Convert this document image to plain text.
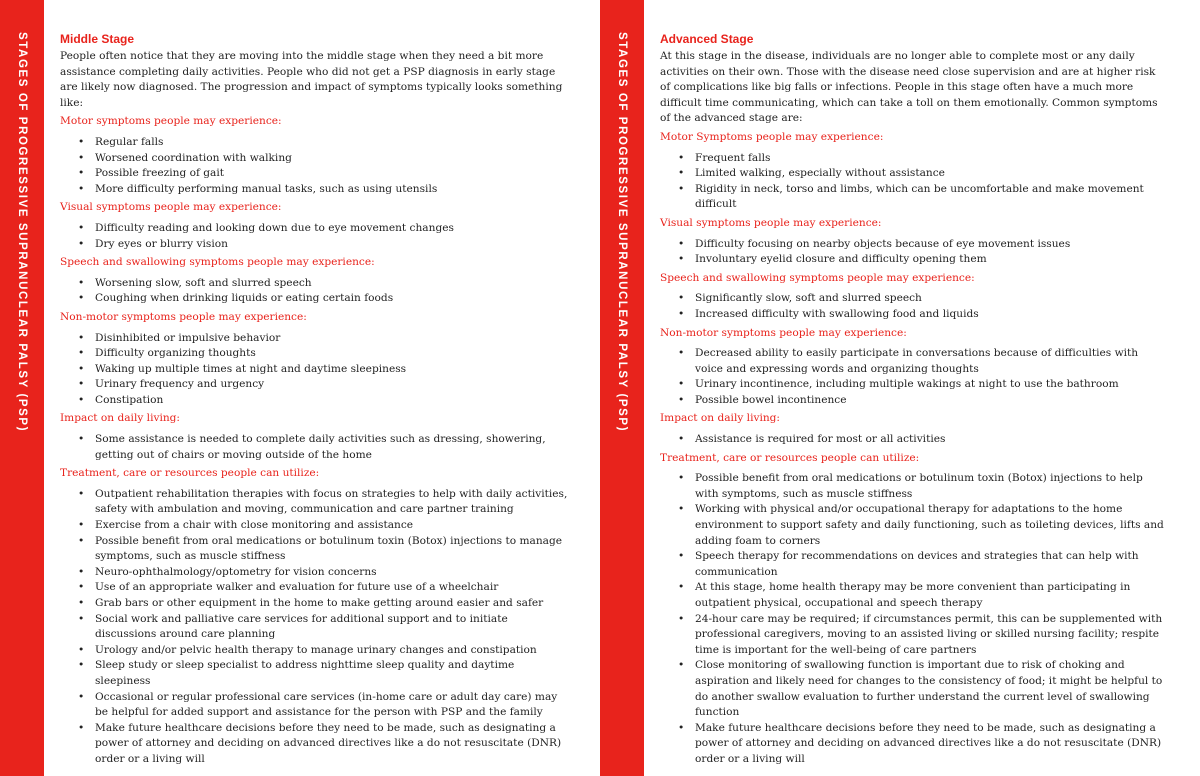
STAGES OF PROGRESSIVE SUPRANUCLEAR PALSY (PSP)	STAGES OF PROGRESSIVE SUPRANUCLEAR PALSY (PSP)
Middle Stage

People often notice that they are moving into the middle stage when they need a bit more assistance completing daily activities. People who did not get a PSP diagnosis in early stage are likely now diagnosed. The progression and impact of symptoms typically looks something like:

Motor symptoms people may experience:
• Regular falls
• Worsened coordination with walking
• Possible freezing of gait
• More difficulty performing manual tasks, such as using utensils
Visual symptoms people may experience:
• Difficulty reading and looking down due to eye movement changes
• Dry eyes or blurry vision
Speech and swallowing symptoms people may experience:
• Worsening slow, soft and slurred speech
• Coughing when drinking liquids or eating certain foods
Non-motor symptoms people may experience:
• Disinhibited or impulsive behavior
• Difficulty organizing thoughts
• Waking up multiple times at night and daytime sleepiness
• Urinary frequency and urgency
• Constipation
Impact on daily living:
• Some assistance is needed to complete daily activities such as dressing, showering, getting out of chairs or moving outside of the home
Treatment, care or resources people can utilize:
• Outpatient rehabilitation therapies with focus on strategies to help with daily activities, safety with ambulation and moving, communication and care partner training
• Exercise from a chair with close monitoring and assistance
• Possible benefit from oral medications or botulinum toxin (Botox) injections to manage symptoms, such as muscle stiffness
• Neuro-ophthalmology/optometry for vision concerns
• Use of an appropriate walker and evaluation for future use of a wheelchair
• Grab bars or other equipment in the home to make getting around easier and safer
• Social work and palliative care services for additional support and to initiate discussions around care planning
• Urology and/or pelvic health therapy to manage urinary changes and constipation
• Sleep study or sleep specialist to address nighttime sleep quality and daytime sleepiness
• Occasional or regular professional care services (in-home care or adult day care) may be helpful for added support and assistance for the person with PSP and the family
• Make future healthcare decisions before they need to be made, such as designating a power of attorney and deciding on advanced directives like a do not resuscitate (DNR) order or a living will
Advanced Stage

At this stage in the disease, individuals are no longer able to complete most or any daily activities on their own. Those with the disease need close supervision and are at higher risk of complications like big falls or infections. People in this stage often have a much more difficult time communicating, which can take a toll on them emotionally. Common symptoms of the advanced stage are:

Motor Symptoms people may experience:
• Frequent falls
• Limited walking, especially without assistance
• Rigidity in neck, torso and limbs, which can be uncomfortable and make movement difficult
Visual symptoms people may experience:
• Difficulty focusing on nearby objects because of eye movement issues
• Involuntary eyelid closure and difficulty opening them
Speech and swallowing symptoms people may experience:
• Significantly slow, soft and slurred speech
• Increased difficulty with swallowing food and liquids
Non-motor symptoms people may experience:
• Decreased ability to easily participate in conversations because of difficulties with voice and expressing words and organizing thoughts
• Urinary incontinence, including multiple wakings at night to use the bathroom
• Possible bowel incontinence
Impact on daily living:
• Assistance is required for most or all activities
Treatment, care or resources people can utilize:
• Possible benefit from oral medications or botulinum toxin (Botox) injections to help with symptoms, such as muscle stiffness
• Working with physical and/or occupational therapy for adaptations to the home environment to support safety and daily functioning, such as toileting devices, lifts and adding foam to corners
• Speech therapy for recommendations on devices and strategies that can help with communication
• At this stage, home health therapy may be more convenient than participating in outpatient physical, occupational and speech therapy
• 24-hour care may be required; if circumstances permit, this can be supplemented with professional caregivers, moving to an assisted living or skilled nursing facility; respite time is important for the well-being of care partners
• Close monitoring of swallowing function is important due to risk of choking and aspiration and likely need for changes to the consistency of food; it might be helpful to do another swallow evaluation to further understand the current level of swallowing function
• Make future healthcare decisions before they need to be made, such as designating a power of attorney and deciding on advanced directives like a do not resuscitate (DNR) order or a living will
